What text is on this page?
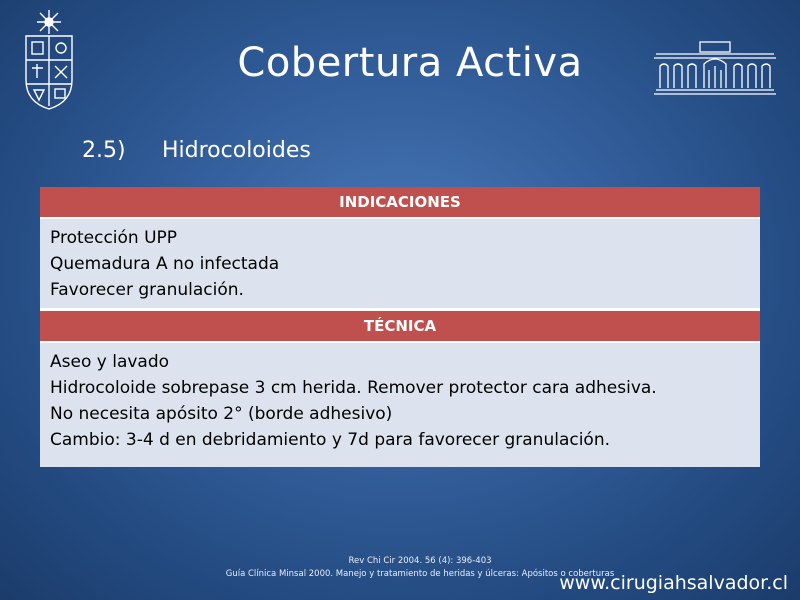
Cobertura Activa
2.5) Hidrocoloides
INDICACIONES
Protección UPP
Quemadura A no infectada
Favorecer granulación.
TÉCNICA
Aseo y lavado
Hidrocoloide sobrepase 3 cm herida. Remover protector cara adhesiva.
No necesita apósito 2° (borde adhesivo)
Cambio: 3-4 d en debridamiento y 7d para favorecer granulación.
Rev Chi Cir 2004. 56 (4): 396-403
Guía Clínica Minsal 2000. Manejo y tratamiento de heridas y úlceras: Apósitos o coberturas
www.cirugiahsalvador.cl
